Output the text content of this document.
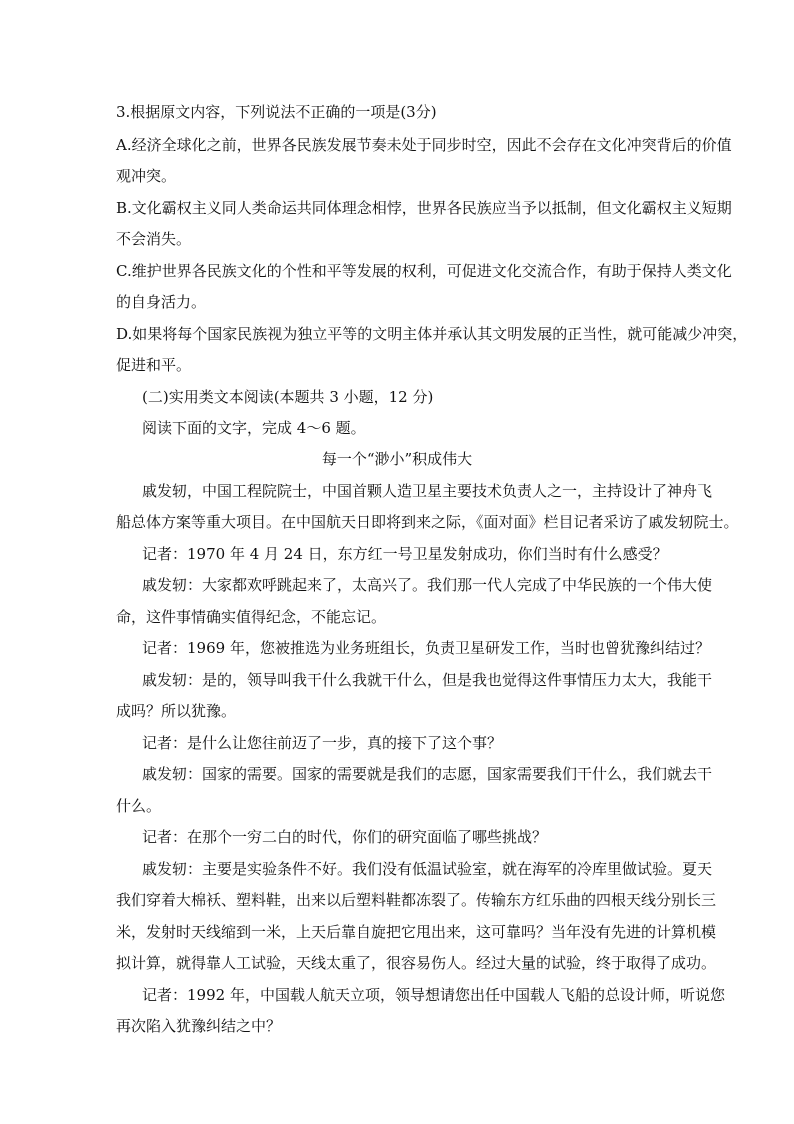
3.根据原文内容，下列说法不正确的一项是(3分)
A.经济全球化之前，世界各民族发展节奏未处于同步时空，因此不会存在文化冲突背后的价值
观冲突。
B.文化霸权主义同人类命运共同体理念相悖，世界各民族应当予以抵制，但文化霸权主义短期
不会消失。
C.维护世界各民族文化的个性和平等发展的权利，可促进文化交流合作，有助于保持人类文化
的自身活力。
D.如果将每个国家民族视为独立平等的文明主体并承认其文明发展的正当性，就可能减少冲突，
促进和平。
(二)实用类文本阅读(本题共 3 小题，12 分)
阅读下面的文字，完成 4～6 题。
每一个“渺小”积成伟大
戚发轫，中国工程院院士，中国首颗人造卫星主要技术负责人之一，主持设计了神舟飞
船总体方案等重大项目。在中国航天日即将到来之际，《面对面》栏目记者采访了戚发轫院士。
记者：1970 年 4 月 24 日，东方红一号卫星发射成功，你们当时有什么感受？
戚发轫：大家都欢呼跳起来了，太高兴了。我们那一代人完成了中华民族的一个伟大使
命，这件事情确实值得纪念，不能忘记。
记者：1969 年，您被推选为业务班组长，负责卫星研发工作，当时也曾犹豫纠结过？
戚发轫：是的，领导叫我干什么我就干什么，但是我也觉得这件事情压力太大，我能干
成吗？所以犹豫。
记者：是什么让您往前迈了一步，真的接下了这个事？
戚发轫：国家的需要。国家的需要就是我们的志愿，国家需要我们干什么，我们就去干
什么。
记者：在那个一穷二白的时代，你们的研究面临了哪些挑战？
戚发轫：主要是实验条件不好。我们没有低温试验室，就在海军的冷库里做试验。夏天
我们穿着大棉袄、塑料鞋，出来以后塑料鞋都冻裂了。传输东方红乐曲的四根天线分别长三
米，发射时天线缩到一米，上天后靠自旋把它甩出来，这可靠吗？当年没有先进的计算机模
拟计算，就得靠人工试验，天线太重了，很容易伤人。经过大量的试验，终于取得了成功。
记者：1992 年，中国载人航天立项，领导想请您出任中国载人飞船的总设计师，听说您
再次陷入犹豫纠结之中？
